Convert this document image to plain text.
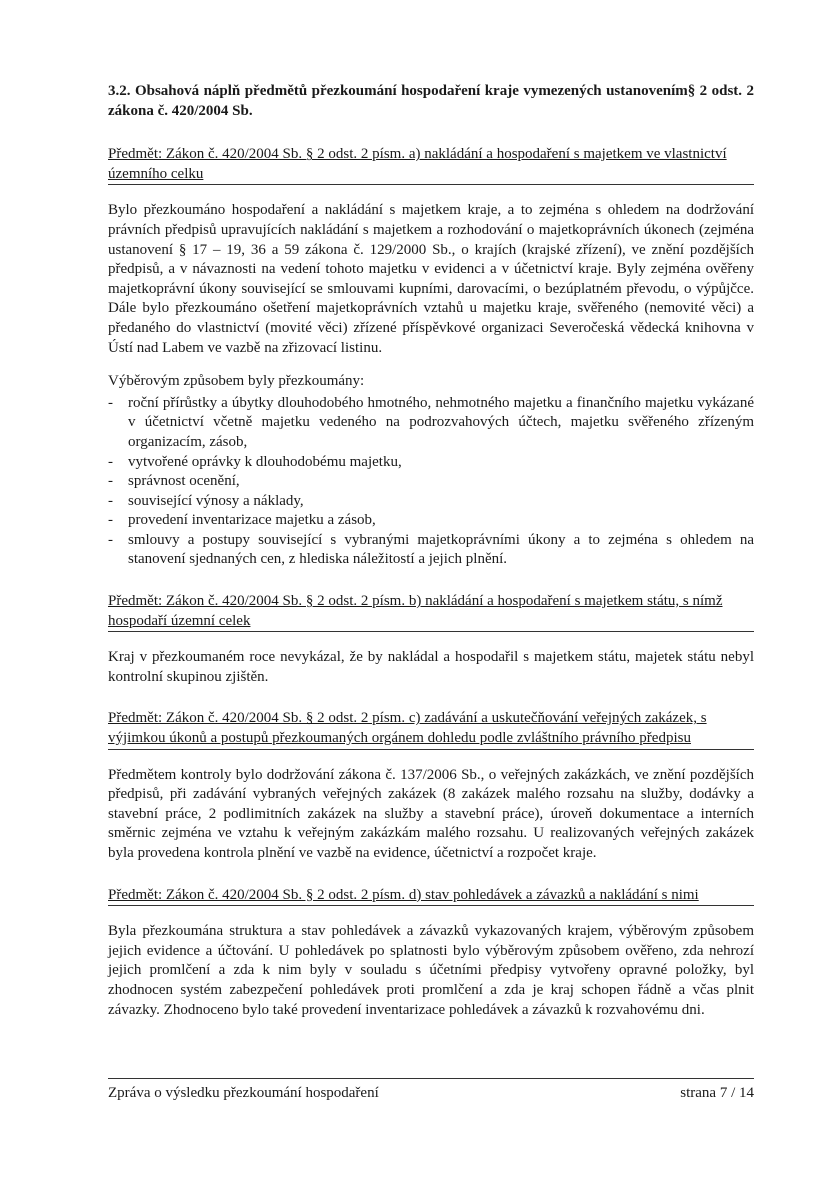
3.2. Obsahová náplň předmětů přezkoumání hospodaření kraje vymezených ustanovením§ 2 odst. 2 zákona č. 420/2004 Sb.
Předmět: Zákon č. 420/2004 Sb. § 2 odst. 2 písm. a) nakládání a hospodaření s majetkem ve vlastnictví územního celku

Bylo přezkoumáno hospodaření a nakládání s majetkem kraje, a to zejména s ohledem na dodržování právních předpisů upravujících nakládání s majetkem a rozhodování o majetkoprávních úkonech (zejména ustanovení § 17 – 19, 36 a 59 zákona č. 129/2000 Sb., o krajích (krajské zřízení), ve znění pozdějších předpisů, a v návaznosti na vedení tohoto majetku v evidenci a v účetnictví kraje. Byly zejména ověřeny majetkoprávní úkony související se smlouvami kupními, darovacími, o bezúplatném převodu, o výpůjčce. Dále bylo přezkoumáno ošetření majetkoprávních vztahů u majetku kraje, svěřeného (nemovité věci) a předaného do vlastnictví (movité věci) zřízené příspěvkové organizaci Severočeská vědecká knihovna v Ústí nad Labem ve vazbě na zřizovací listinu.

Výběrovým způsobem byly přezkoumány:

- roční přírůstky a úbytky dlouhodobého hmotného, nehmotného majetku a finančního majetku vykázané v účetnictví včetně majetku vedeného na podrozvahových účtech, majetku svěřeného zřízeným organizacím, zásob,
- vytvořené oprávky k dlouhodobému majetku,
- správnost ocenění,
- související výnosy a náklady,
- provedení inventarizace majetku a zásob,
- smlouvy a postupy související s vybranými majetkoprávními úkony a to zejména s ohledem na stanovení sjednaných cen, z hlediska náležitostí a jejich plnění.
Předmět: Zákon č. 420/2004 Sb. § 2 odst. 2 písm. b) nakládání a hospodaření s majetkem státu, s nímž hospodaří územní celek

Kraj v přezkoumaném roce nevykázal, že by nakládal a hospodařil s majetkem státu, majetek státu nebyl kontrolní skupinou zjištěn.

Předmět: Zákon č. 420/2004 Sb. § 2 odst. 2 písm. c) zadávání a uskutečňování veřejných zakázek, s výjimkou úkonů a postupů přezkoumaných orgánem dohledu podle zvláštního právního předpisu

Předmětem kontroly bylo dodržování zákona č. 137/2006 Sb., o veřejných zakázkách, ve znění pozdějších předpisů, při zadávání vybraných veřejných zakázek (8 zakázek malého rozsahu na služby, dodávky a stavební práce, 2 podlimitních zakázek na služby a stavební práce), úroveň dokumentace a interních směrnic zejména ve vztahu k veřejným zakázkám malého rozsahu. U realizovaných veřejných zakázek byla provedena kontrola plnění ve vazbě na evidence, účetnictví a rozpočet kraje.

Předmět: Zákon č. 420/2004 Sb. § 2 odst. 2 písm. d) stav pohledávek a závazků a nakládání s nimi

Byla přezkoumána struktura a stav pohledávek a závazků vykazovaných krajem, výběrovým způsobem jejich evidence a účtování. U pohledávek po splatnosti bylo výběrovým způsobem ověřeno, zda nehrozí jejich promlčení a zda k nim byly v souladu s účetními předpisy vytvořeny opravné položky, byl zhodnocen systém zabezpečení pohledávek proti promlčení a zda je kraj schopen řádně a včas plnit závazky. Zhodnoceno bylo také provedení inventarizace pohledávek a závazků k rozvahovému dni.

Zpráva o výsledku přezkoumání hospodaření	strana 7 / 14
